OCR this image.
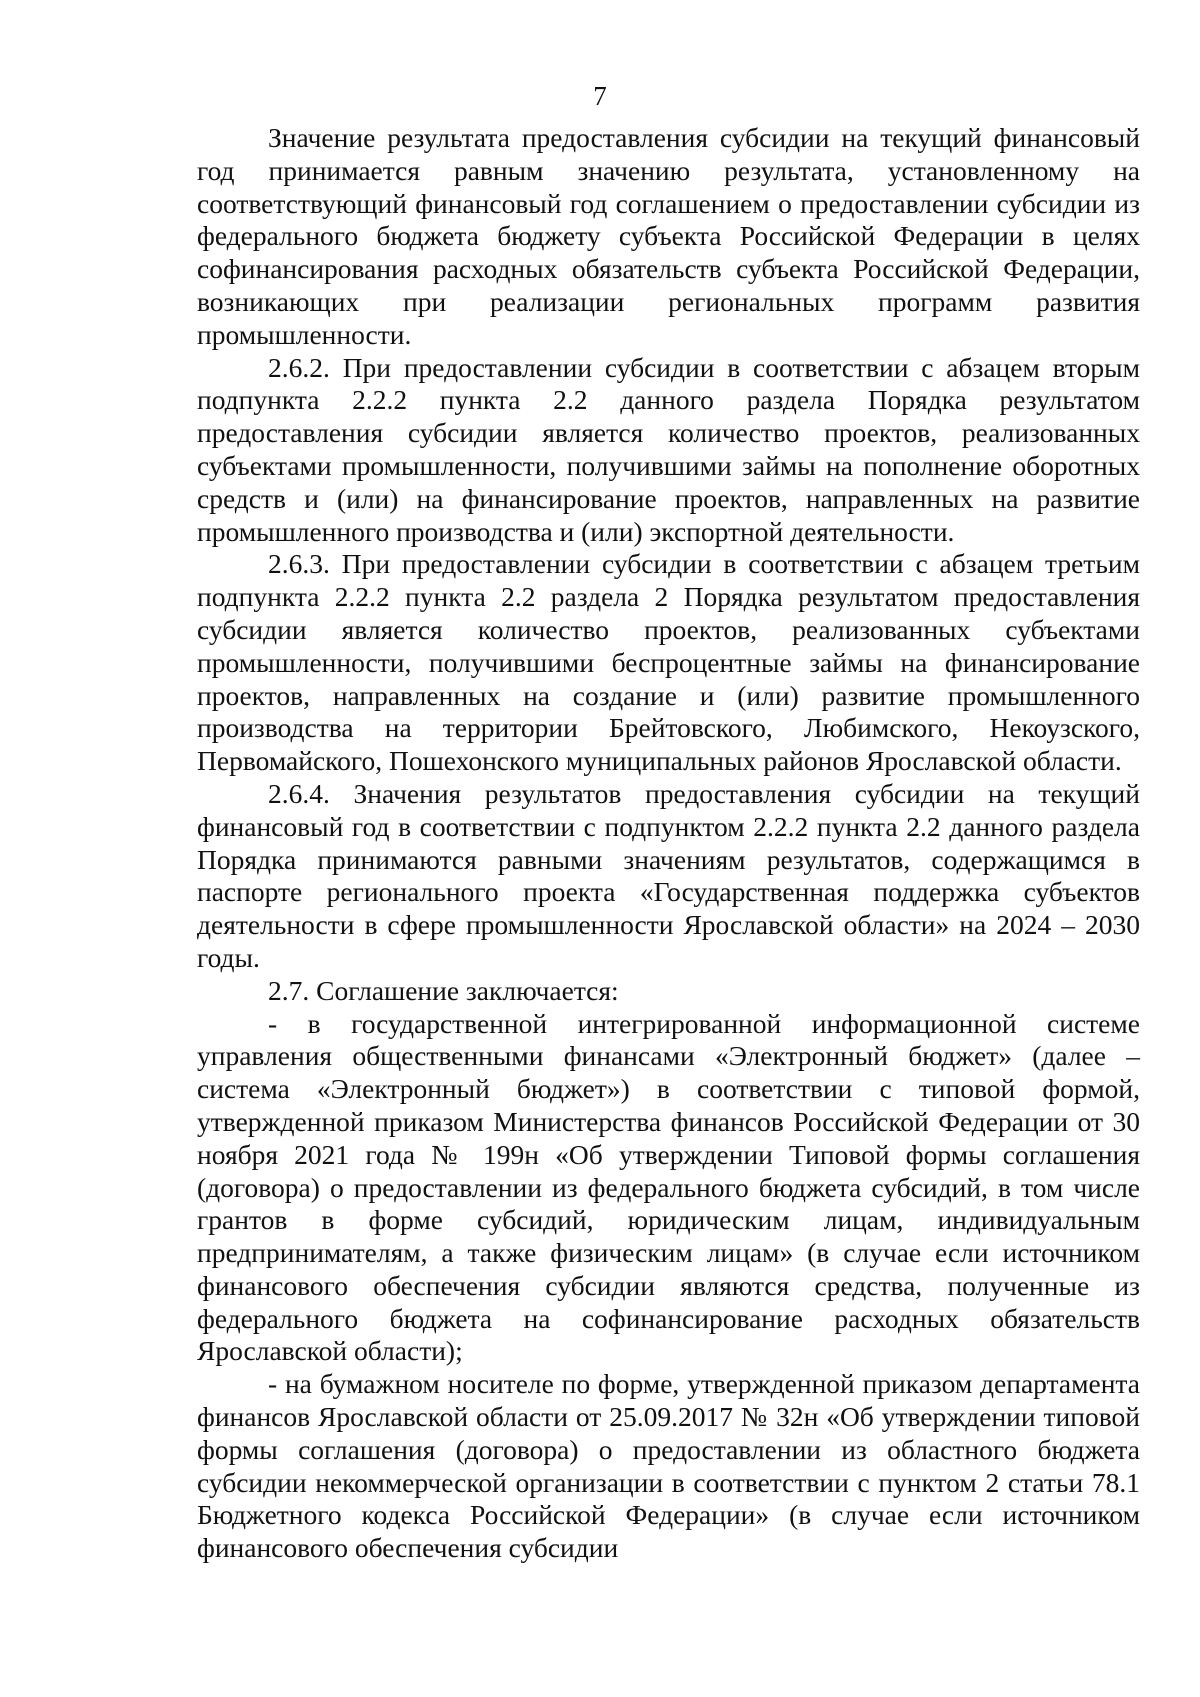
7

Значение результата предоставления субсидии на текущий финансовый год принимается равным значению результата, установленному на соответствующий финансовый год соглашением о предоставлении субсидии из федерального бюджета бюджету субъекта Российской Федерации в целях софинансирования расходных обязательств субъекта Российской Федерации, возникающих при реализации региональных программ развития промышленности.

2.6.2. При предоставлении субсидии в соответствии с абзацем вторым подпункта 2.2.2 пункта 2.2 данного раздела Порядка результатом предоставления субсидии является количество проектов, реализованных субъектами промышленности, получившими займы на пополнение оборотных средств и (или) на финансирование проектов, направленных на развитие промышленного производства и (или) экспортной деятельности.

2.6.3. При предоставлении субсидии в соответствии с абзацем третьим подпункта 2.2.2 пункта 2.2 раздела 2 Порядка результатом предоставления субсидии является количество проектов, реализованных субъектами промышленности, получившими беспроцентные займы на финансирование проектов, направленных на создание и (или) развитие промышленного производства на территории Брейтовского, Любимского, Некоузского, Первомайского, Пошехонского муниципальных районов Ярославской области.

2.6.4. Значения результатов предоставления субсидии на текущий финансовый год в соответствии с подпунктом 2.2.2 пункта 2.2 данного раздела Порядка принимаются равными значениям результатов, содержащимся в паспорте регионального проекта «Государственная поддержка субъектов деятельности в сфере промышленности Ярославской области» на 2024 – 2030 годы.

2.7. Соглашение заключается:

- в государственной интегрированной информационной системе управления общественными финансами «Электронный бюджет» (далее – система «Электронный бюджет») в соответствии с типовой формой, утвержденной приказом Министерства финансов Российской Федерации от 30 ноября 2021 года № 199н «Об утверждении Типовой формы соглашения (договора) о предоставлении из федерального бюджета субсидий, в том числе грантов в форме субсидий, юридическим лицам, индивидуальным предпринимателям, а также физическим лицам» (в случае если источником финансового обеспечения субсидии являются средства, полученные из федерального бюджета на софинансирование расходных обязательств Ярославской области);

- на бумажном носителе по форме, утвержденной приказом департамента финансов Ярославской области от 25.09.2017 № 32н «Об утверждении типовой формы соглашения (договора) о предоставлении из областного бюджета субсидии некоммерческой организации в соответствии с пунктом 2 статьи 78.1 Бюджетного кодекса Российской Федерации» (в случае если источником финансового обеспечения субсидии
